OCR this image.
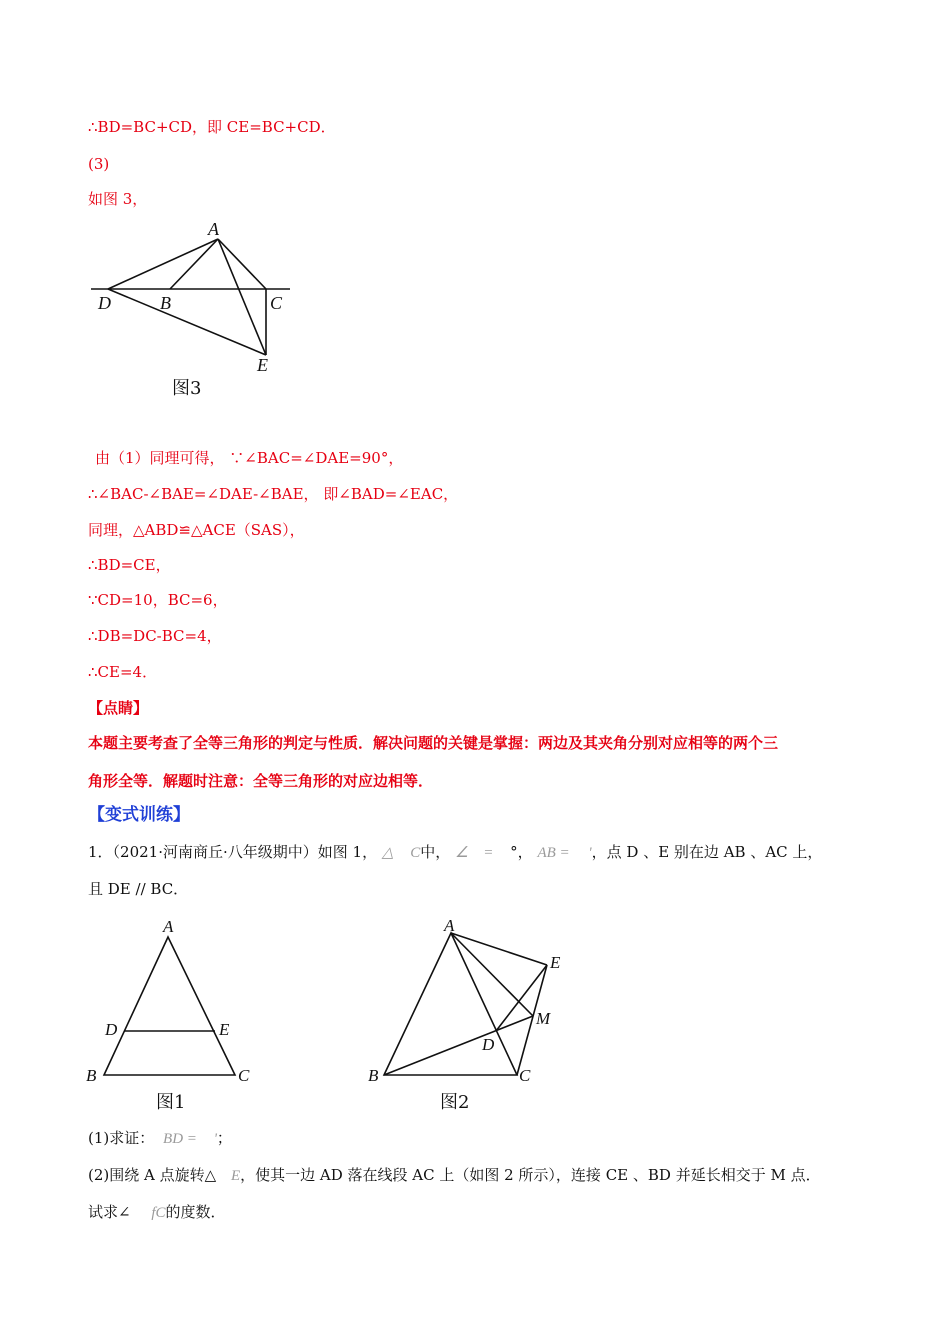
∴BD=BC+CD，即 CE=BC+CD．
(3)
如图 3，
A
D	B	C
E
图3
由（1）同理可得， ∵∠BAC=∠DAE=90°，
∴∠BAC-∠BAE=∠DAE-∠BAE， 即∠BAD=∠EAC，
同理，△ABD≌△ACE（SAS），
∴BD=CE，
∵CD=10，BC=6，
∴DB=DC-BC=4，
∴CE=4．
【点睛】
本题主要考查了全等三角形的判定与性质．解决问题的关键是掌握：两边及其夹角分别对应相等的两个三
角形全等．解题时注意：全等三角形的对应边相等．
【变式训练】
1．（2021·河南商丘·八年级期中）如图 1， △ C中， ∠ = °， AB = '，点 D 、E 别在边 AB 、AC 上，
且 DE // BC．
A
D	E
B	C
图1
A
E
M
D
B	C
图2
(1)求证： BD = '；
(2)围绕 A 点旋转△ E，使其一边 AD 落在线段 AC 上（如图 2 所示），连接 CE 、BD 并延长相交于 M 点．
试求∠ fC的度数．
